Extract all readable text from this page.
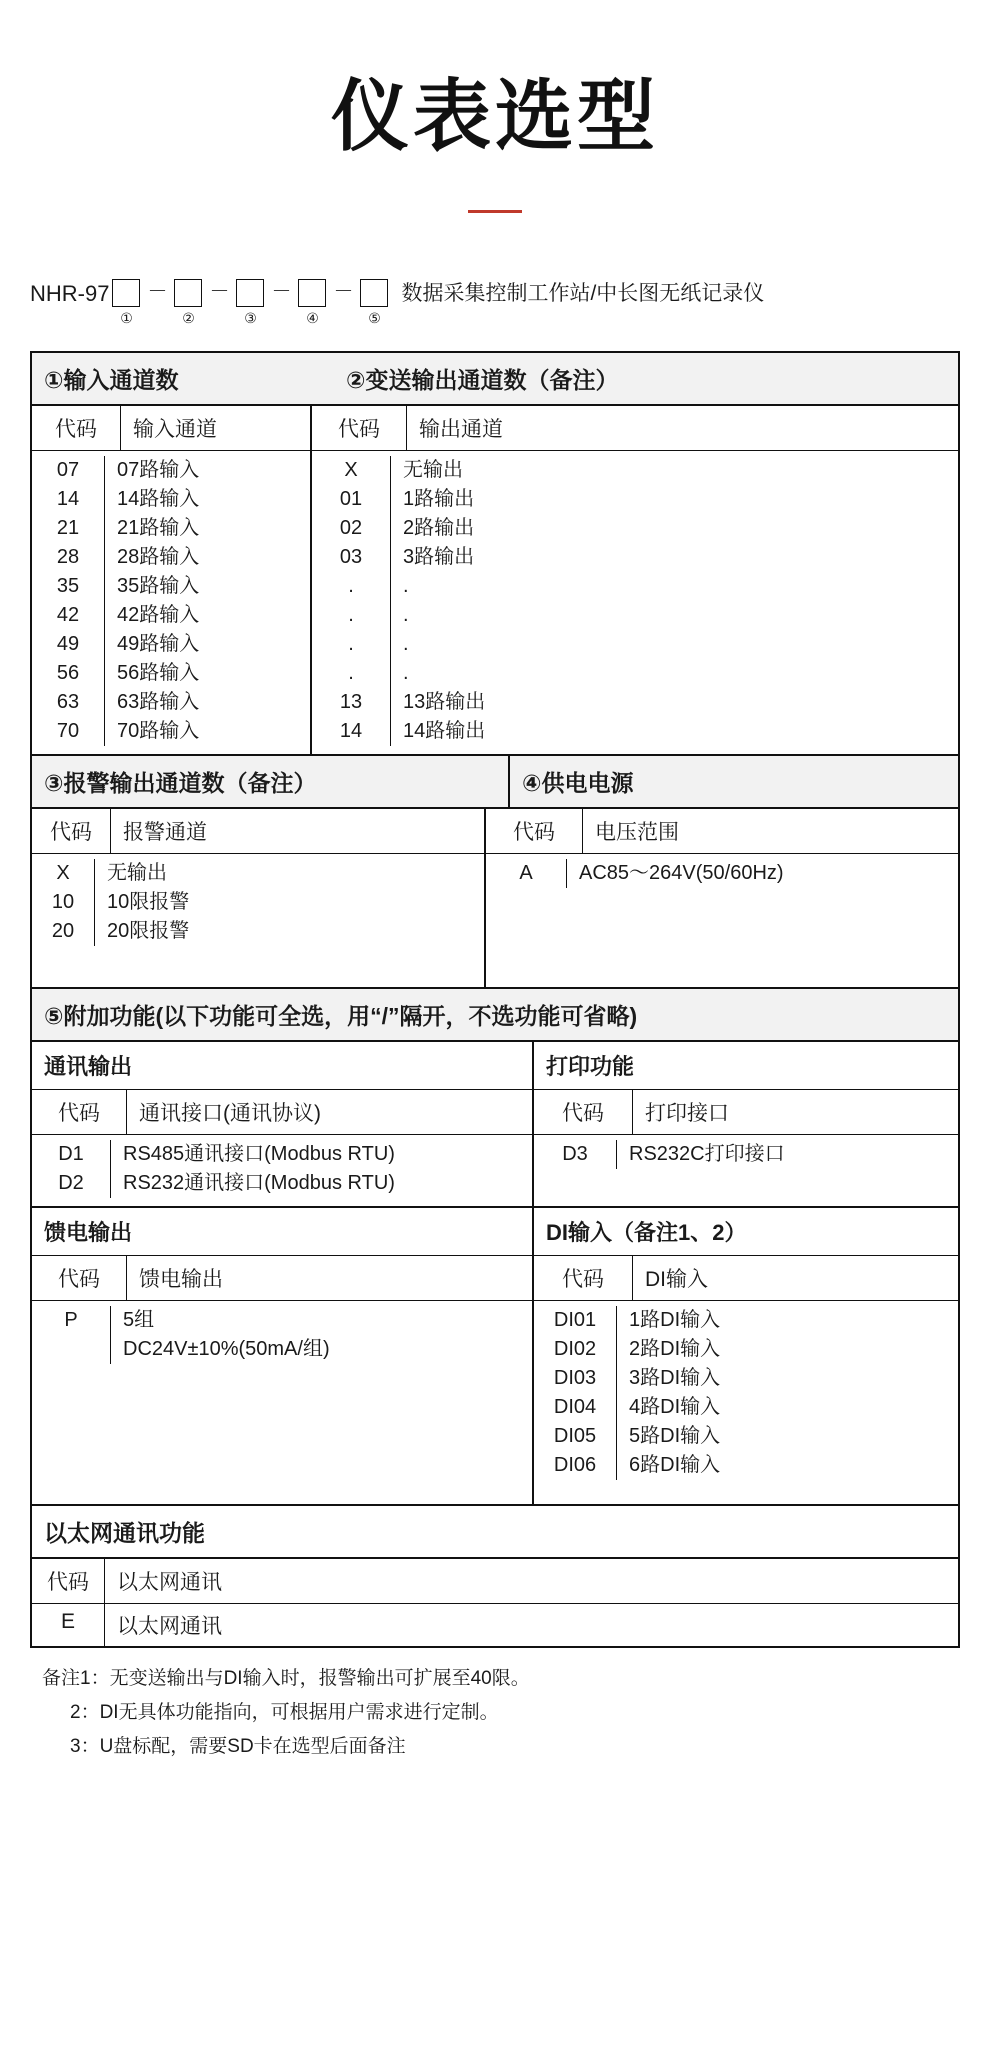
仪表选型
NHR-97
①
－
②
－
③
－
④
－
⑤
数据采集控制工作站/中长图无纸记录仪
①输入通道数	②变送输出通道数（备注）
代码	输入通道
07	07路输入
14	14路输入
21	21路输入
28	28路输入
35	35路输入
42	42路输入
49	49路输入
56	56路输入
63	63路输入
70	70路输入
代码	输出通道
X	无输出
01	1路输出
02	2路输出
03	3路输出
.	.
.	.
.	.
.	.
13	13路输出
14	14路输出
③报警输出通道数（备注）	④供电电源
代码	报警通道
X	无输出
10	10限报警
20	20限报警
代码	电压范围
A	AC85～264V(50/60Hz)
⑤附加功能(以下功能可全选，用“/”隔开，不选功能可省略)
通讯输出
代码	通讯接口(通讯协议)
D1	RS485通讯接口(Modbus RTU)
D2	RS232通讯接口(Modbus RTU)
打印功能
代码	打印接口
D3	RS232C打印接口
馈电输出
代码	馈电输出
P	5组
DC24V±10%(50mA/组)
DI输入（备注1、2）
代码	DI输入
DI01	1路DI输入
DI02	2路DI输入
DI03	3路DI输入
DI04	4路DI输入
DI05	5路DI输入
DI06	6路DI输入
以太网通讯功能
代码	以太网通讯
E	以太网通讯
备注1：无变送输出与DI输入时，报警输出可扩展至40限。
2：DI无具体功能指向，可根据用户需求进行定制。
3：U盘标配，需要SD卡在选型后面备注
